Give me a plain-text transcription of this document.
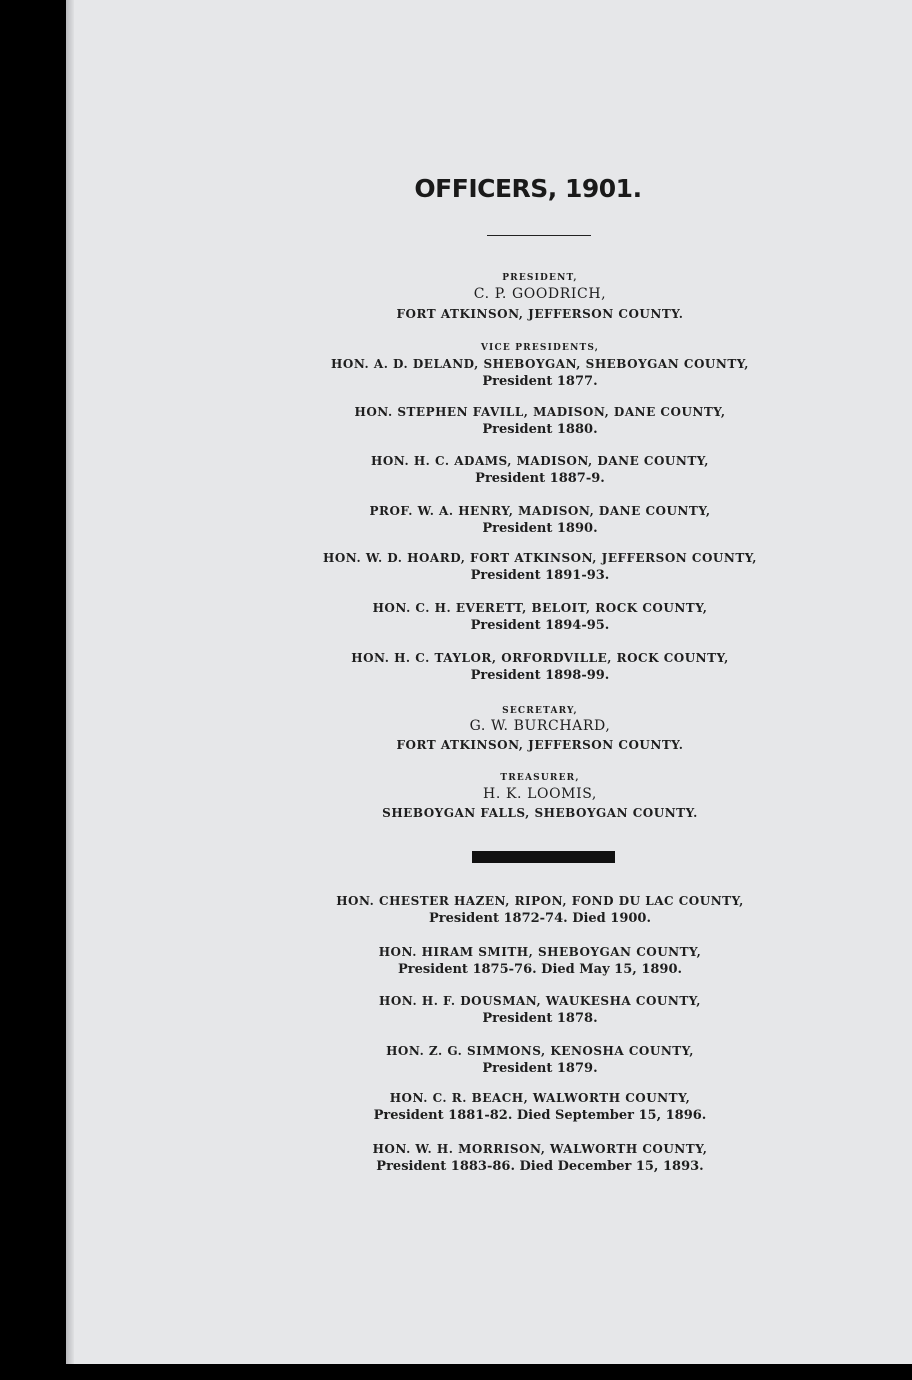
OFFICERS, 1901.
PRESIDENT,
C. P. GOODRICH,
FORT ATKINSON, JEFFERSON COUNTY.
VICE PRESIDENTS,
HON. A. D. DELAND, SHEBOYGAN, SHEBOYGAN COUNTY,
President 1877.
HON. STEPHEN FAVILL, MADISON, DANE COUNTY,
President 1880.
HON. H. C. ADAMS, MADISON, DANE COUNTY,
President 1887-9.
PROF. W. A. HENRY, MADISON, DANE COUNTY,
President 1890.
HON. W. D. HOARD, FORT ATKINSON, JEFFERSON COUNTY,
President 1891-93.
HON. C. H. EVERETT, BELOIT, ROCK COUNTY,
President 1894-95.
HON. H. C. TAYLOR, ORFORDVILLE, ROCK COUNTY,
President 1898-99.
SECRETARY,
G. W. BURCHARD,
FORT ATKINSON, JEFFERSON COUNTY.
TREASURER,
H. K. LOOMIS,
SHEBOYGAN FALLS, SHEBOYGAN COUNTY.
HON. CHESTER HAZEN, RIPON, FOND DU LAC COUNTY,
President 1872-74. Died 1900.
HON. HIRAM SMITH, SHEBOYGAN COUNTY,
President 1875-76. Died May 15, 1890.
HON. H. F. DOUSMAN, WAUKESHA COUNTY,
President 1878.
HON. Z. G. SIMMONS, KENOSHA COUNTY,
President 1879.
HON. C. R. BEACH, WALWORTH COUNTY,
President 1881-82. Died September 15, 1896.
HON. W. H. MORRISON, WALWORTH COUNTY,
President 1883-86. Died December 15, 1893.
